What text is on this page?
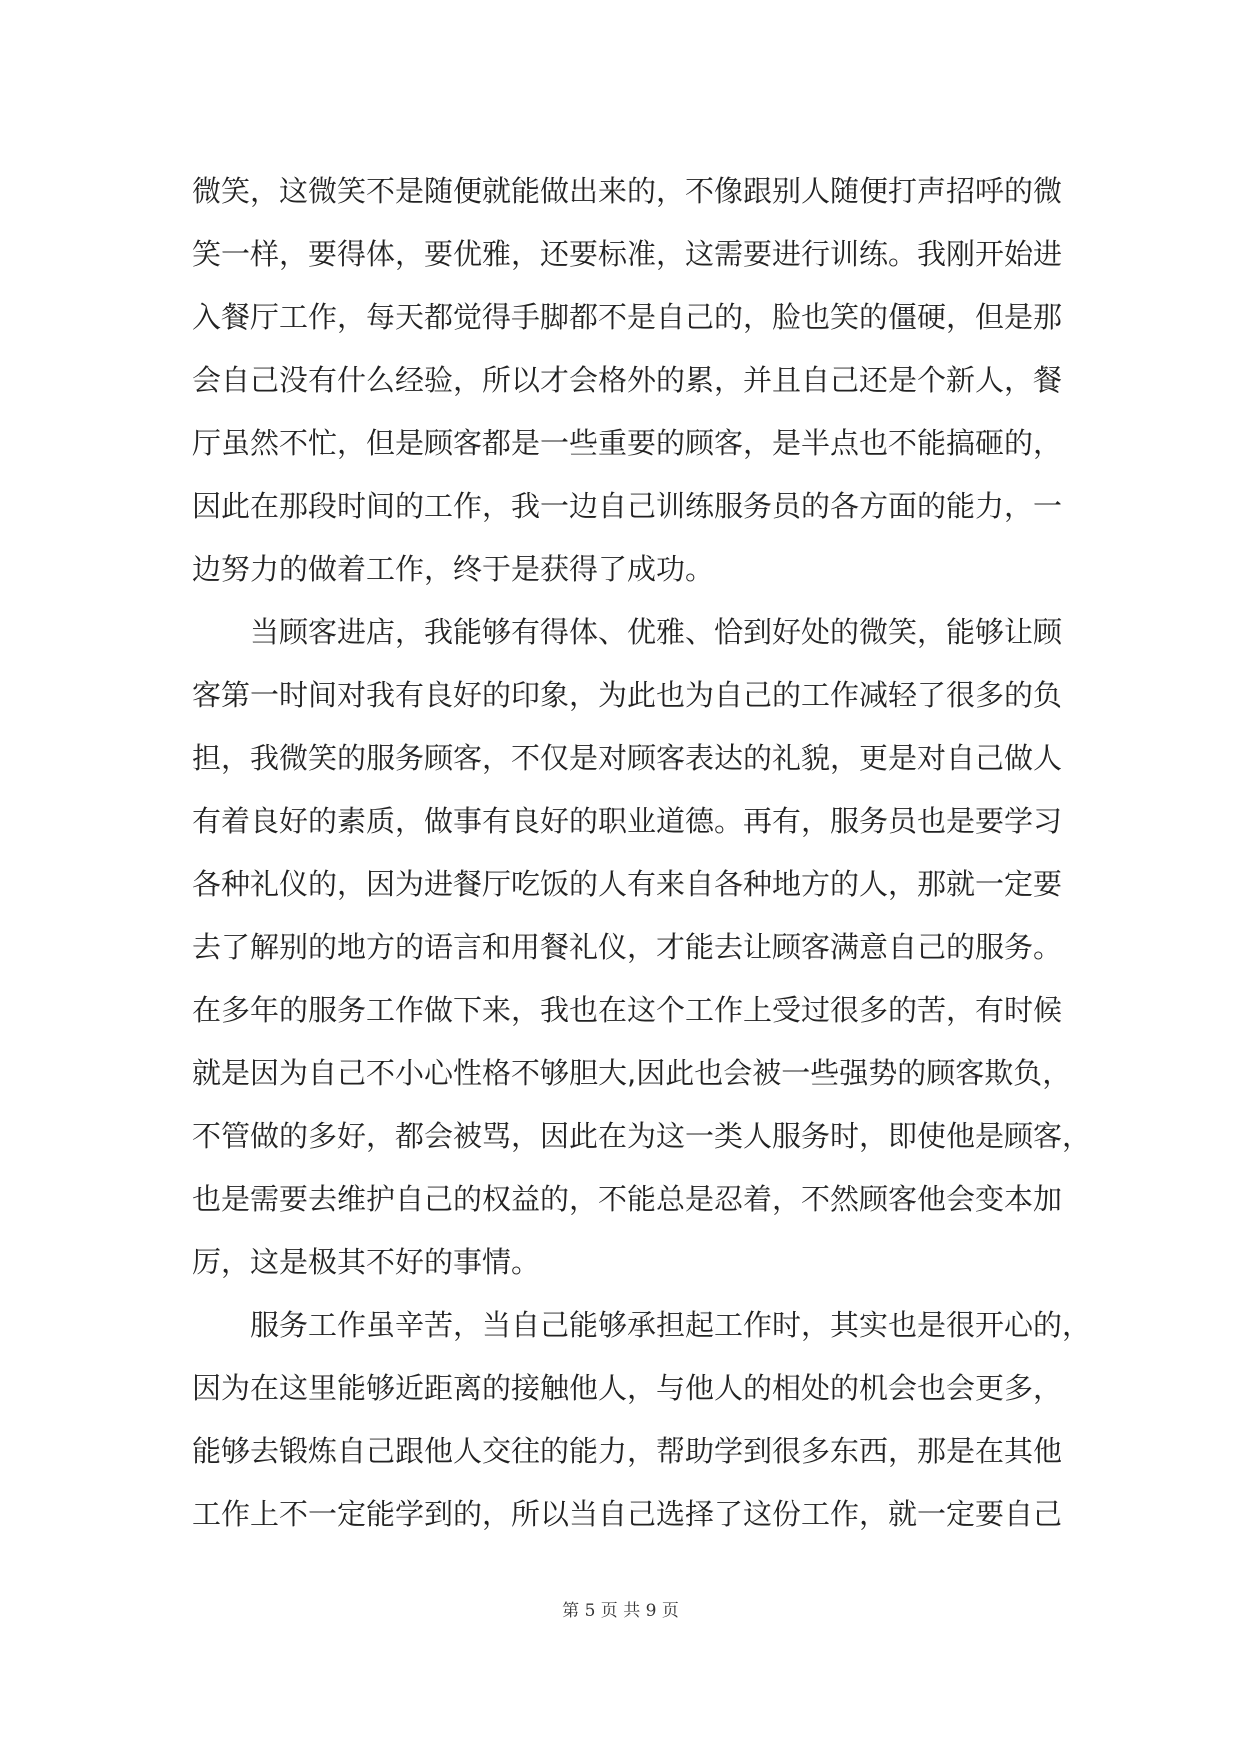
微笑，这微笑不是随便就能做出来的，不像跟别人随便打声招呼的微
笑一样，要得体，要优雅，还要标准，这需要进行训练。我刚开始进
入餐厅工作，每天都觉得手脚都不是自己的，脸也笑的僵硬，但是那
会自己没有什么经验，所以才会格外的累，并且自己还是个新人，餐
厅虽然不忙，但是顾客都是一些重要的顾客，是半点也不能搞砸的，
因此在那段时间的工作，我一边自己训练服务员的各方面的能力，一
边努力的做着工作，终于是获得了成功。
当顾客进店，我能够有得体、优雅、恰到好处的微笑，能够让顾
客第一时间对我有良好的印象，为此也为自己的工作减轻了很多的负
担，我微笑的服务顾客，不仅是对顾客表达的礼貌，更是对自己做人
有着良好的素质，做事有良好的职业道德。再有，服务员也是要学习
各种礼仪的，因为进餐厅吃饭的人有来自各种地方的人，那就一定要
去了解别的地方的语言和用餐礼仪，才能去让顾客满意自己的服务。
在多年的服务工作做下来，我也在这个工作上受过很多的苦，有时候
就是因为自己不小心性格不够胆大,因此也会被一些强势的顾客欺负，
不管做的多好，都会被骂，因此在为这一类人服务时，即使他是顾客，
也是需要去维护自己的权益的，不能总是忍着，不然顾客他会变本加
厉，这是极其不好的事情。
服务工作虽辛苦，当自己能够承担起工作时，其实也是很开心的，
因为在这里能够近距离的接触他人，与他人的相处的机会也会更多，
能够去锻炼自己跟他人交往的能力，帮助学到很多东西，那是在其他
工作上不一定能学到的，所以当自己选择了这份工作，就一定要自己
第 5 页 共 9 页
